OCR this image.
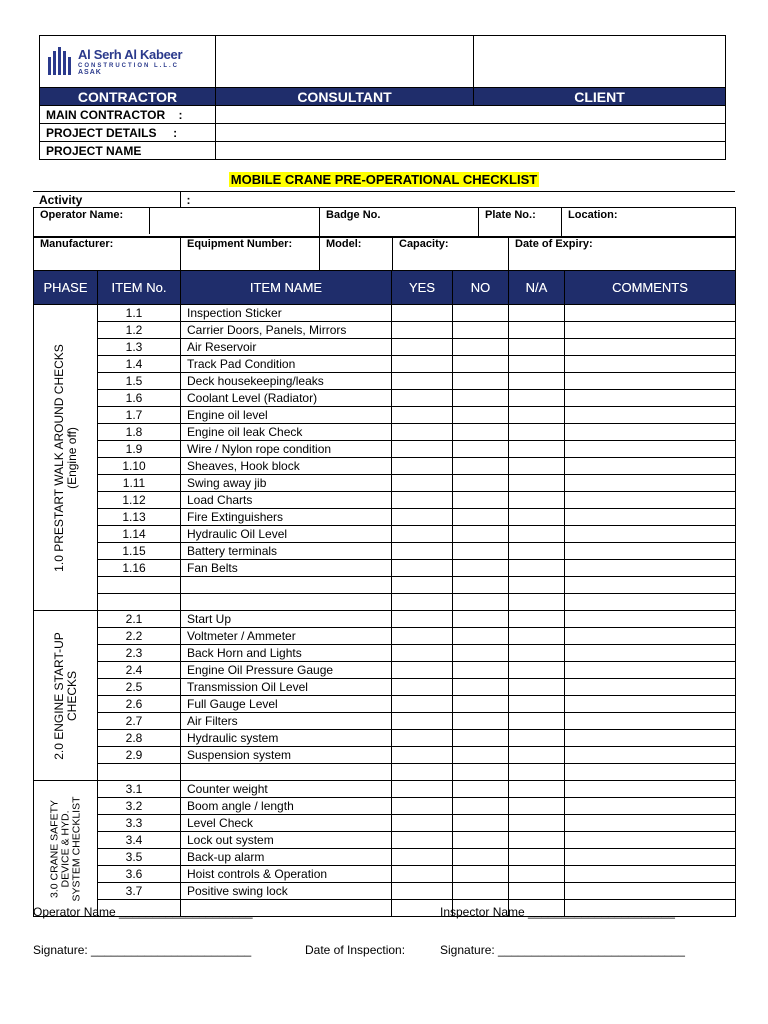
Al Serh Al Kabeer
CONSTRUCTION L.L.C
ASAK		

CONTRACTOR	CONSULTANT	CLIENT
MAIN CONTRACTOR :		
PROJECT DETAILS :		
PROJECT NAME		
MOBILE CRANE PRE-OPERATIONAL CHECKLIST
Activity	:
Operator Name:	Badge No.	Plate No.:	Location:

Manufacturer:	Equipment Number:	Model:	Capacity:	Date of Expiry:
PHASE	ITEM No.	ITEM NAME	YES	NO	N/A	COMMENTS

1.0 PRESTART WALK AROUND CHECKS (Engine off)	1.1	Inspection Sticker				
	1.2	Carrier Doors, Panels, Mirrors				
	1.3	Air Reservoir				
	1.4	Track Pad Condition				
	1.5	Deck housekeeping/leaks				
	1.6	Coolant Level (Radiator)				
	1.7	Engine oil level				
	1.8	Engine oil leak Check				
	1.9	Wire / Nylon rope condition				
	1.10	Sheaves, Hook block				
	1.11	Swing away jib				
	1.12	Load Charts				
	1.13	Fire Extinguishers				
	1.14	Hydraulic Oil Level				
	1.15	Battery terminals				
	1.16	Fan Belts				

2.0 ENGINE START-UP CHECKS	2.1	Start Up				
	2.2	Voltmeter / Ammeter				
	2.3	Back Horn and Lights				
	2.4	Engine Oil Pressure Gauge				
	2.5	Transmission Oil Level				
	2.6	Full Gauge Level				
	2.7	Air Filters				
	2.8	Hydraulic system				
	2.9	Suspension system				

3.0 CRANE SAFETY DEVICE & HYD. SYSTEM CHECKLIST	3.1	Counter weight				
	3.2	Boom angle / length				
	3.3	Level Check				
	3.4	Lock out system				
	3.5	Back-up alarm				
	3.6	Hoist controls & Operation				
	3.7	Positive swing lock				

Operator Name ____________________	Inspector Name ______________________
Signature: ________________________	Date of Inspection:	Signature: ____________________________
